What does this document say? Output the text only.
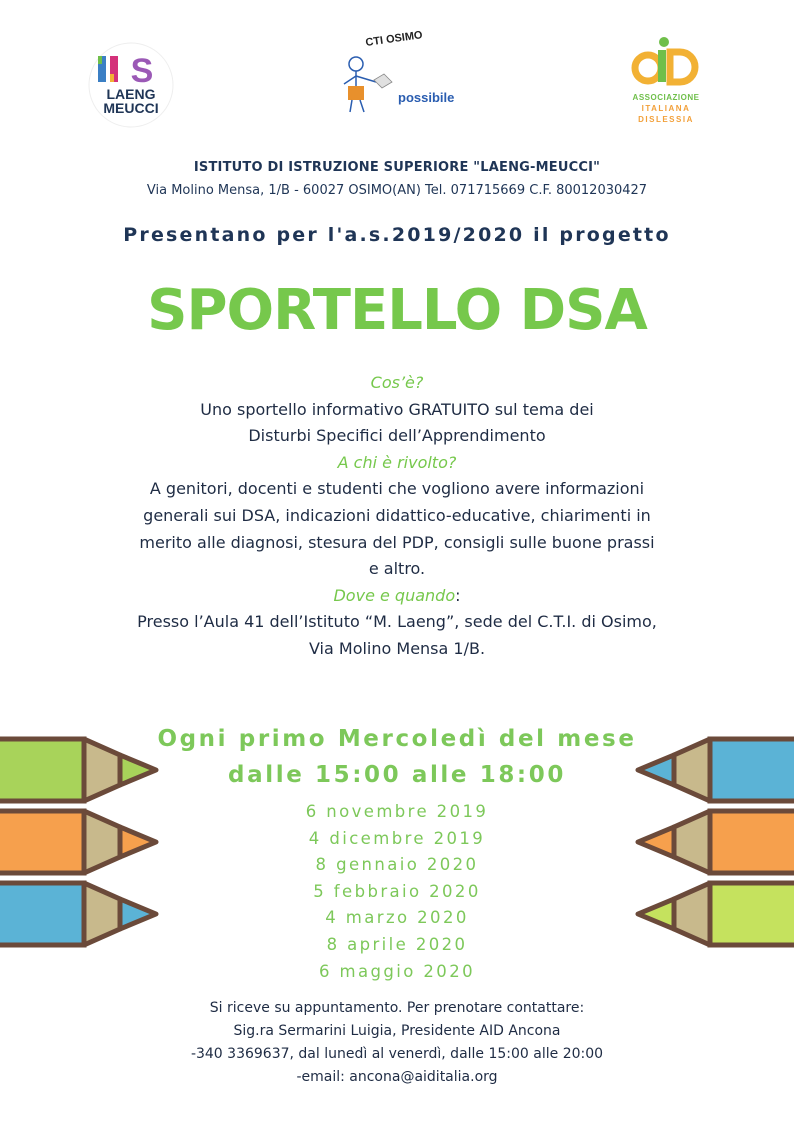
S
LAENG
MEUCCI
CTI OSIMO
possibile	ASSOCIAZIONE
ITALIANA
DISLESSIA
ISTITUTO DI ISTRUZIONE SUPERIORE "LAENG-MEUCCI"
Via Molino Mensa, 1/B - 60027 OSIMO(AN) Tel. 071715669 C.F. 80012030427
Presentano per l'a.s.2019/2020 il progetto
SPORTELLO DSA
Cos’è?
Uno sportello informativo GRATUITO sul tema dei
Disturbi Specifici dell’Apprendimento
A chi è rivolto?
A genitori, docenti e studenti che vogliono avere informazioni
generali sui DSA, indicazioni didattico-educative, chiarimenti in
merito alle diagnosi, stesura del PDP, consigli sulle buone prassi
e altro.
Dove e quando:
Presso l’Aula 41 dell’Istituto “M. Laeng”, sede del C.T.I. di Osimo,
Via Molino Mensa 1/B.
Ogni primo Mercoledì del mese
dalle 15:00 alle 18:00
6 novembre 2019
4 dicembre 2019
8 gennaio 2020
5 febbraio 2020
4 marzo 2020
8 aprile 2020
6 maggio 2020
Si riceve su appuntamento. Per prenotare contattare:
Sig.ra Sermarini Luigia, Presidente AID Ancona
-340 3369637, dal lunedì al venerdì, dalle 15:00 alle 20:00
-email: ancona@aiditalia.org
